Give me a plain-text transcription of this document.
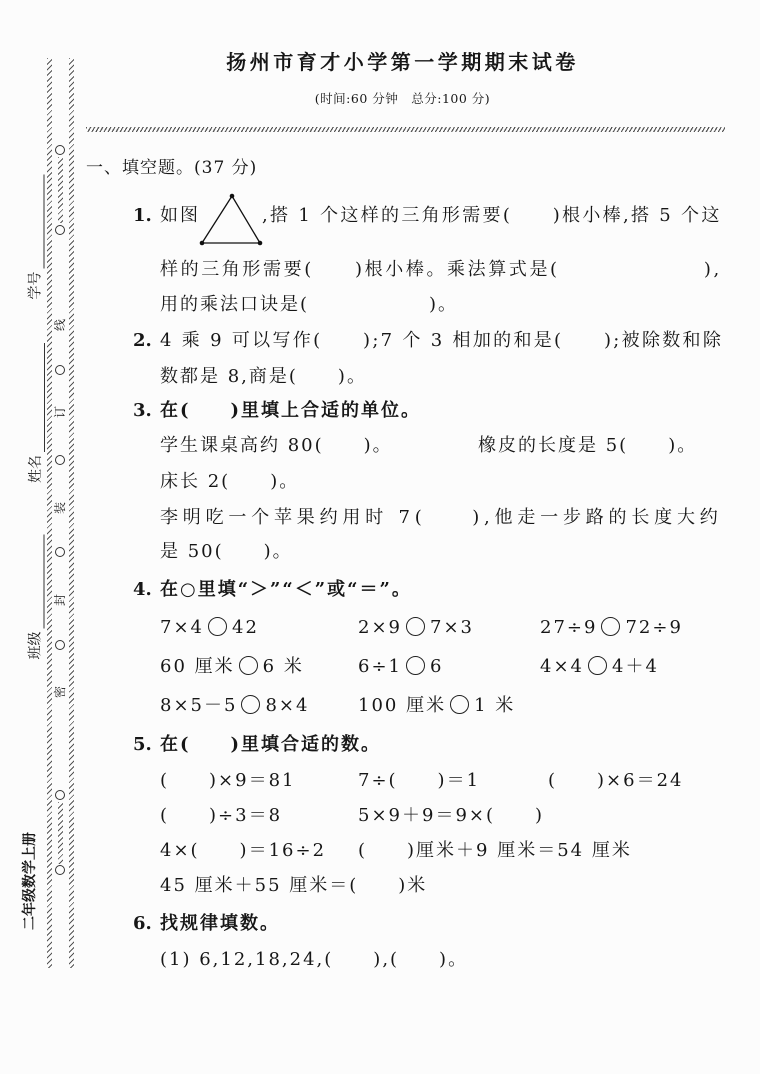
学号
姓名
班级
二年级数学上册
线
订
装
封
密
扬州市育才小学第一学期期末试卷
(时间:60 分钟　总分:100 分)
一、填空题。(37 分)
1. 如图	,搭 1 个这样的三角形需要(　　)根小棒,搭 5 个这
样的三角形需要(　　)根小棒。乘法算式是(　　　　　　　),
用的乘法口诀是(　　　　　　)。
2. 4 乘 9 可以写作(　　);7 个 3 相加的和是(　　);被除数和除
数都是 8,商是(　　)。
3. 在(　　)里填上合适的单位。
学生课桌高约 80(　　)。	橡皮的长度是 5(　　)。
床长 2(　　)。
李明吃一个苹果约用时 7(　　),他走一步路的长度大约
是 50(　　)。
4. 在○里填“＞”“＜”或“＝”。
7×4 42	2×9 7×3	27÷9 72÷9
60 厘米 6 米	6÷1 6	4×4 4＋4
8×5－5 8×4	100 厘米 1 米
5. 在(　　)里填合适的数。
(　　)×9＝81	7÷(　　)＝1	(　　)×6＝24
(　　)÷3＝8	5×9＋9＝9×(　　)
4×(　　)＝16÷2 (　　)厘米＋9 厘米＝54 厘米
45 厘米＋55 厘米＝(　　)米
6. 找规律填数。
(1) 6,12,18,24,(　　),(　　)。
